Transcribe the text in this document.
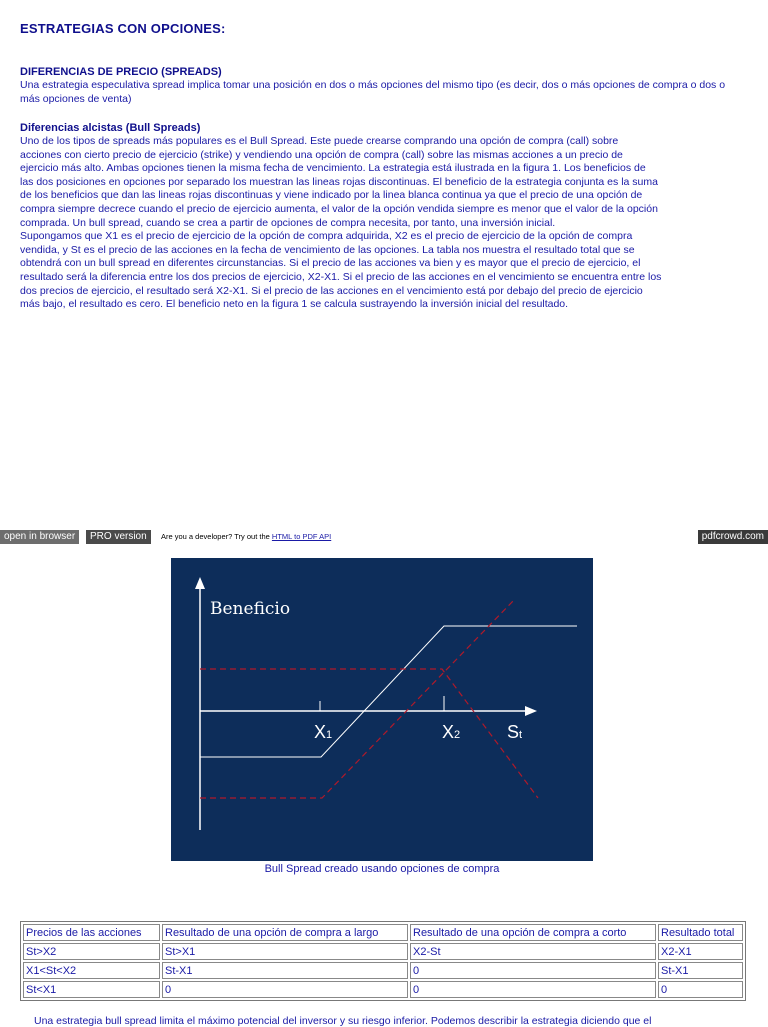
ESTRATEGIAS CON OPCIONES:
DIFERENCIAS DE PRECIO (SPREADS)
Una estrategia especulativa spread implica tomar una posición en dos o más opciones del mismo tipo (es decir, dos o más opciones de compra o dos o más opciones de venta)
Diferencias alcistas (Bull Spreads)
Uno de los tipos de spreads más populares es el Bull Spread. Este puede crearse comprando una opción de compra (call) sobre
acciones con cierto precio de ejercicio (strike) y vendiendo una opción de compra (call) sobre las mismas acciones a un precio de
ejercicio más alto. Ambas opciones tienen la misma fecha de vencimiento. La estrategia está ilustrada en la figura 1. Los beneficios de
las dos posiciones en opciones por separado los muestran las lineas rojas discontinuas. El beneficio de la estrategia conjunta es la suma
de los beneficios que dan las lineas rojas discontinuas y viene indicado por la linea blanca continua ya que el precio de una opción de
compra siempre decrece cuando el precio de ejercicio aumenta, el valor de la opción vendida siempre es menor que el valor de la opción
comprada. Un bull spread, cuando se crea a partir de opciones de compra necesita, por tanto, una inversión inicial.
Supongamos que X1 es el precio de ejercicio de la opción de compra adquirida, X2 es el precio de ejercicio de la opción de compra
vendida, y St es el precio de las acciones en la fecha de vencimiento de las opciones. La tabla nos muestra el resultado total que se
obtendrá con un bull spread en diferentes circunstancias. Si el precio de las acciones va bien y es mayor que el precio de ejercicio, el
resultado será la diferencia entre los dos precios de ejercicio, X2-X1. Si el precio de las acciones en el vencimiento se encuentra entre los
dos precios de ejercicio, el resultado será X2-X1. Si el precio de las acciones en el vencimiento está por debajo del precio de ejercicio
más bajo, el resultado es cero. El beneficio neto en la figura 1 se calcula sustrayendo la inversión inicial del resultado.
open in browser	PRO version	Are you a developer? Try out the HTML to PDF API	pdfcrowd.com
Beneficio
X1	X2	St
Bull Spread creado usando opciones de compra
Precios de las acciones	Resultado de una opción de compra a largo	Resultado de una opción de compra a corto	Resultado total
St>X2	St>X1	X2-St	X2-X1
X1<St<X2	St-X1	0	St-X1
St<X1	0	0	0
Una estrategia bull spread limita el máximo potencial del inversor y su riesgo inferior. Podemos describir la estrategia diciendo que el
